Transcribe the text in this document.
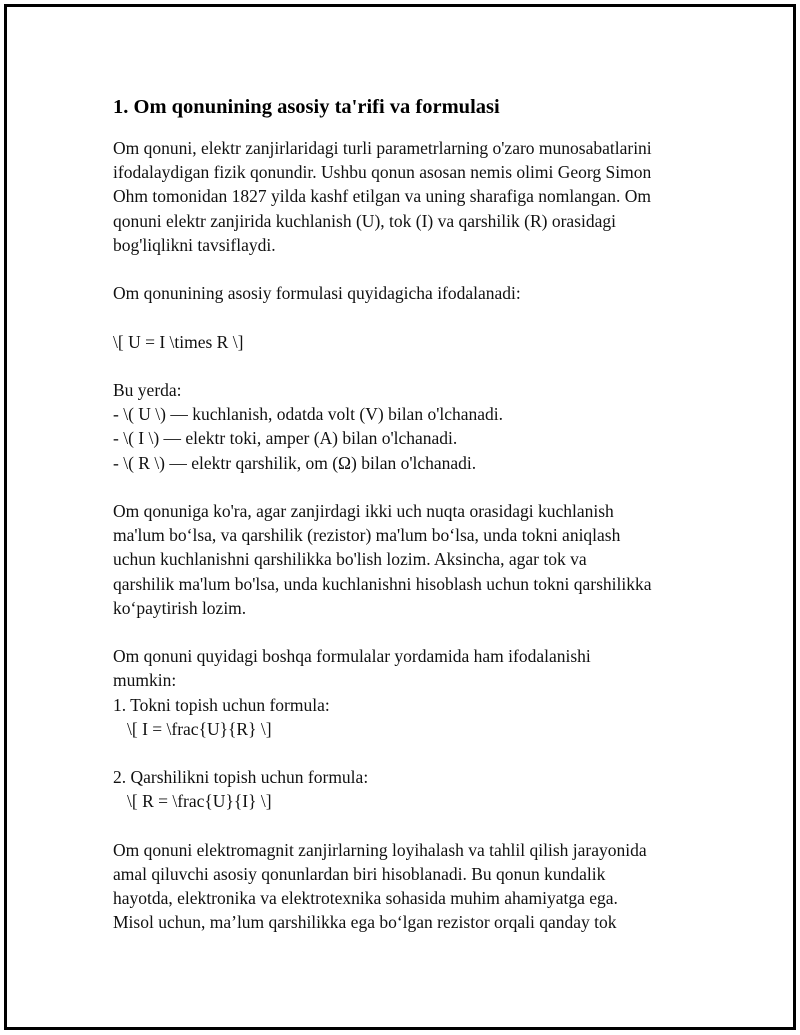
1. Om qonunining asosiy ta'rifi va formulasi
Om qonuni, elektr zanjirlaridagi turli parametrlarning o'zaro munosabatlarini
ifodalaydigan fizik qonundir. Ushbu qonun asosan nemis olimi Georg Simon
Ohm tomonidan 1827 yilda kashf etilgan va uning sharafiga nomlangan. Om
qonuni elektr zanjirida kuchlanish (U), tok (I) va qarshilik (R) orasidagi
bog'liqlikni tavsiflaydi.
Om qonunining asosiy formulasi quyidagicha ifodalanadi:
\[ U = I \times R \]
Bu yerda:
- \( U \) — kuchlanish, odatda volt (V) bilan o'lchanadi.
- \( I \) — elektr toki, amper (A) bilan o'lchanadi.
- \( R \) — elektr qarshilik, om (Ω) bilan o'lchanadi.
Om qonuniga ko'ra, agar zanjirdagi ikki uch nuqta orasidagi kuchlanish
ma'lum bo‘lsa, va qarshilik (rezistor) ma'lum bo‘lsa, unda tokni aniqlash
uchun kuchlanishni qarshilikka bo'lish lozim. Aksincha, agar tok va
qarshilik ma'lum bo'lsa, unda kuchlanishni hisoblash uchun tokni qarshilikka
ko‘paytirish lozim.
Om qonuni quyidagi boshqa formulalar yordamida ham ifodalanishi
mumkin:
1. Tokni topish uchun formula:
\[ I = \frac{U}{R} \]
2. Qarshilikni topish uchun formula:
\[ R = \frac{U}{I} \]
Om qonuni elektromagnit zanjirlarning loyihalash va tahlil qilish jarayonida
amal qiluvchi asosiy qonunlardan biri hisoblanadi. Bu qonun kundalik
hayotda, elektronika va elektrotexnika sohasida muhim ahamiyatga ega.
Misol uchun, ma’lum qarshilikka ega bo‘lgan rezistor orqali qanday tok
